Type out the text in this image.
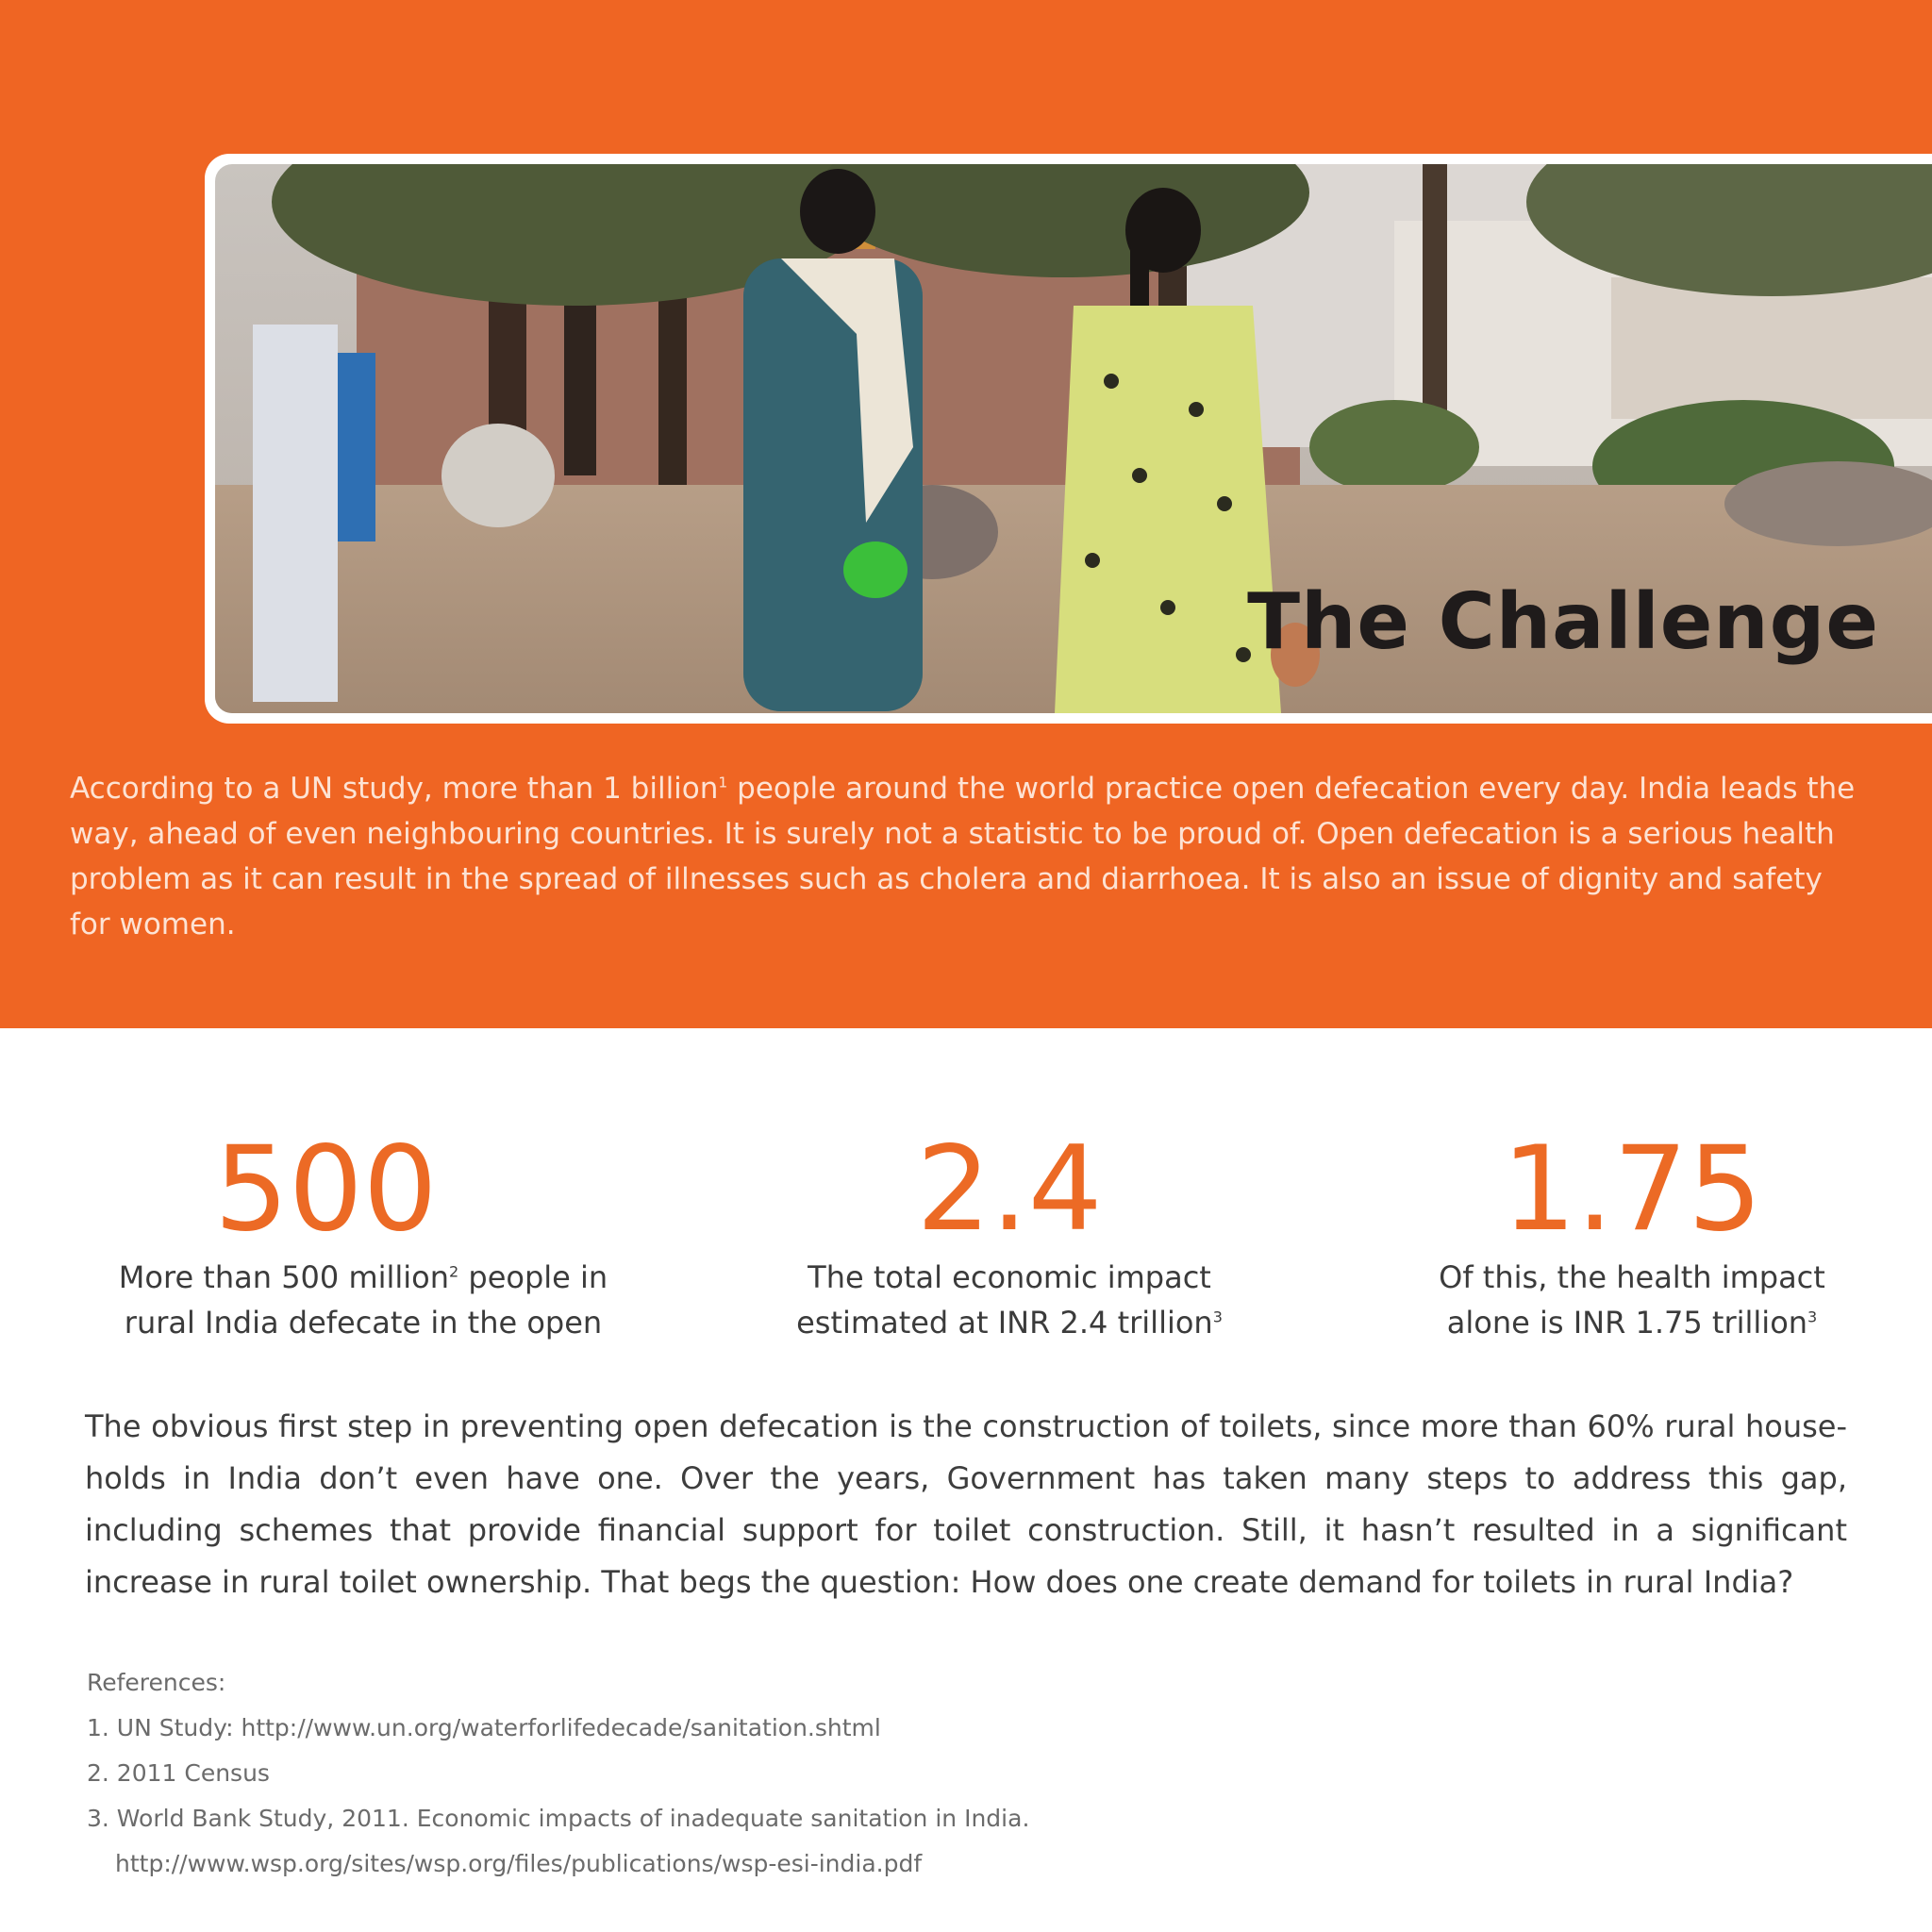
The Challenge

According to a UN study, more than 1 billion$^1$ people around the world practice open defecation every day. India leads the way, ahead of even neighbouring countries. It is surely not a statistic to be proud of. Open defecation is a serious health problem as it can result in the spread of illnesses such as cholera and diarrhoea. It is also an issue of dignity and safety for women.

500
More than 500 million$^2$ people in
rural India defecate in the open
2.4
The total economic impact
estimated at INR 2.4 trillion$^3$
1.75
Of this, the health impact
alone is INR 1.75 trillion$^3$

The obvious first step in preventing open defecation is the construction of toilets, since more than 60% rural house-holds in India don’t even have one. Over the years, Government has taken many steps to address this gap, including schemes that provide financial support for toilet construction. Still, it hasn’t resulted in a significant increase in rural toilet ownership. That begs the question: How does one create demand for toilets in rural India?

References:
1. UN Study: http://www.un.org/waterforlifedecade/sanitation.shtml
2. 2011 Census
3. World Bank Study, 2011. Economic impacts of inadequate sanitation in India.
http://www.wsp.org/sites/wsp.org/files/publications/wsp-esi-india.pdf
